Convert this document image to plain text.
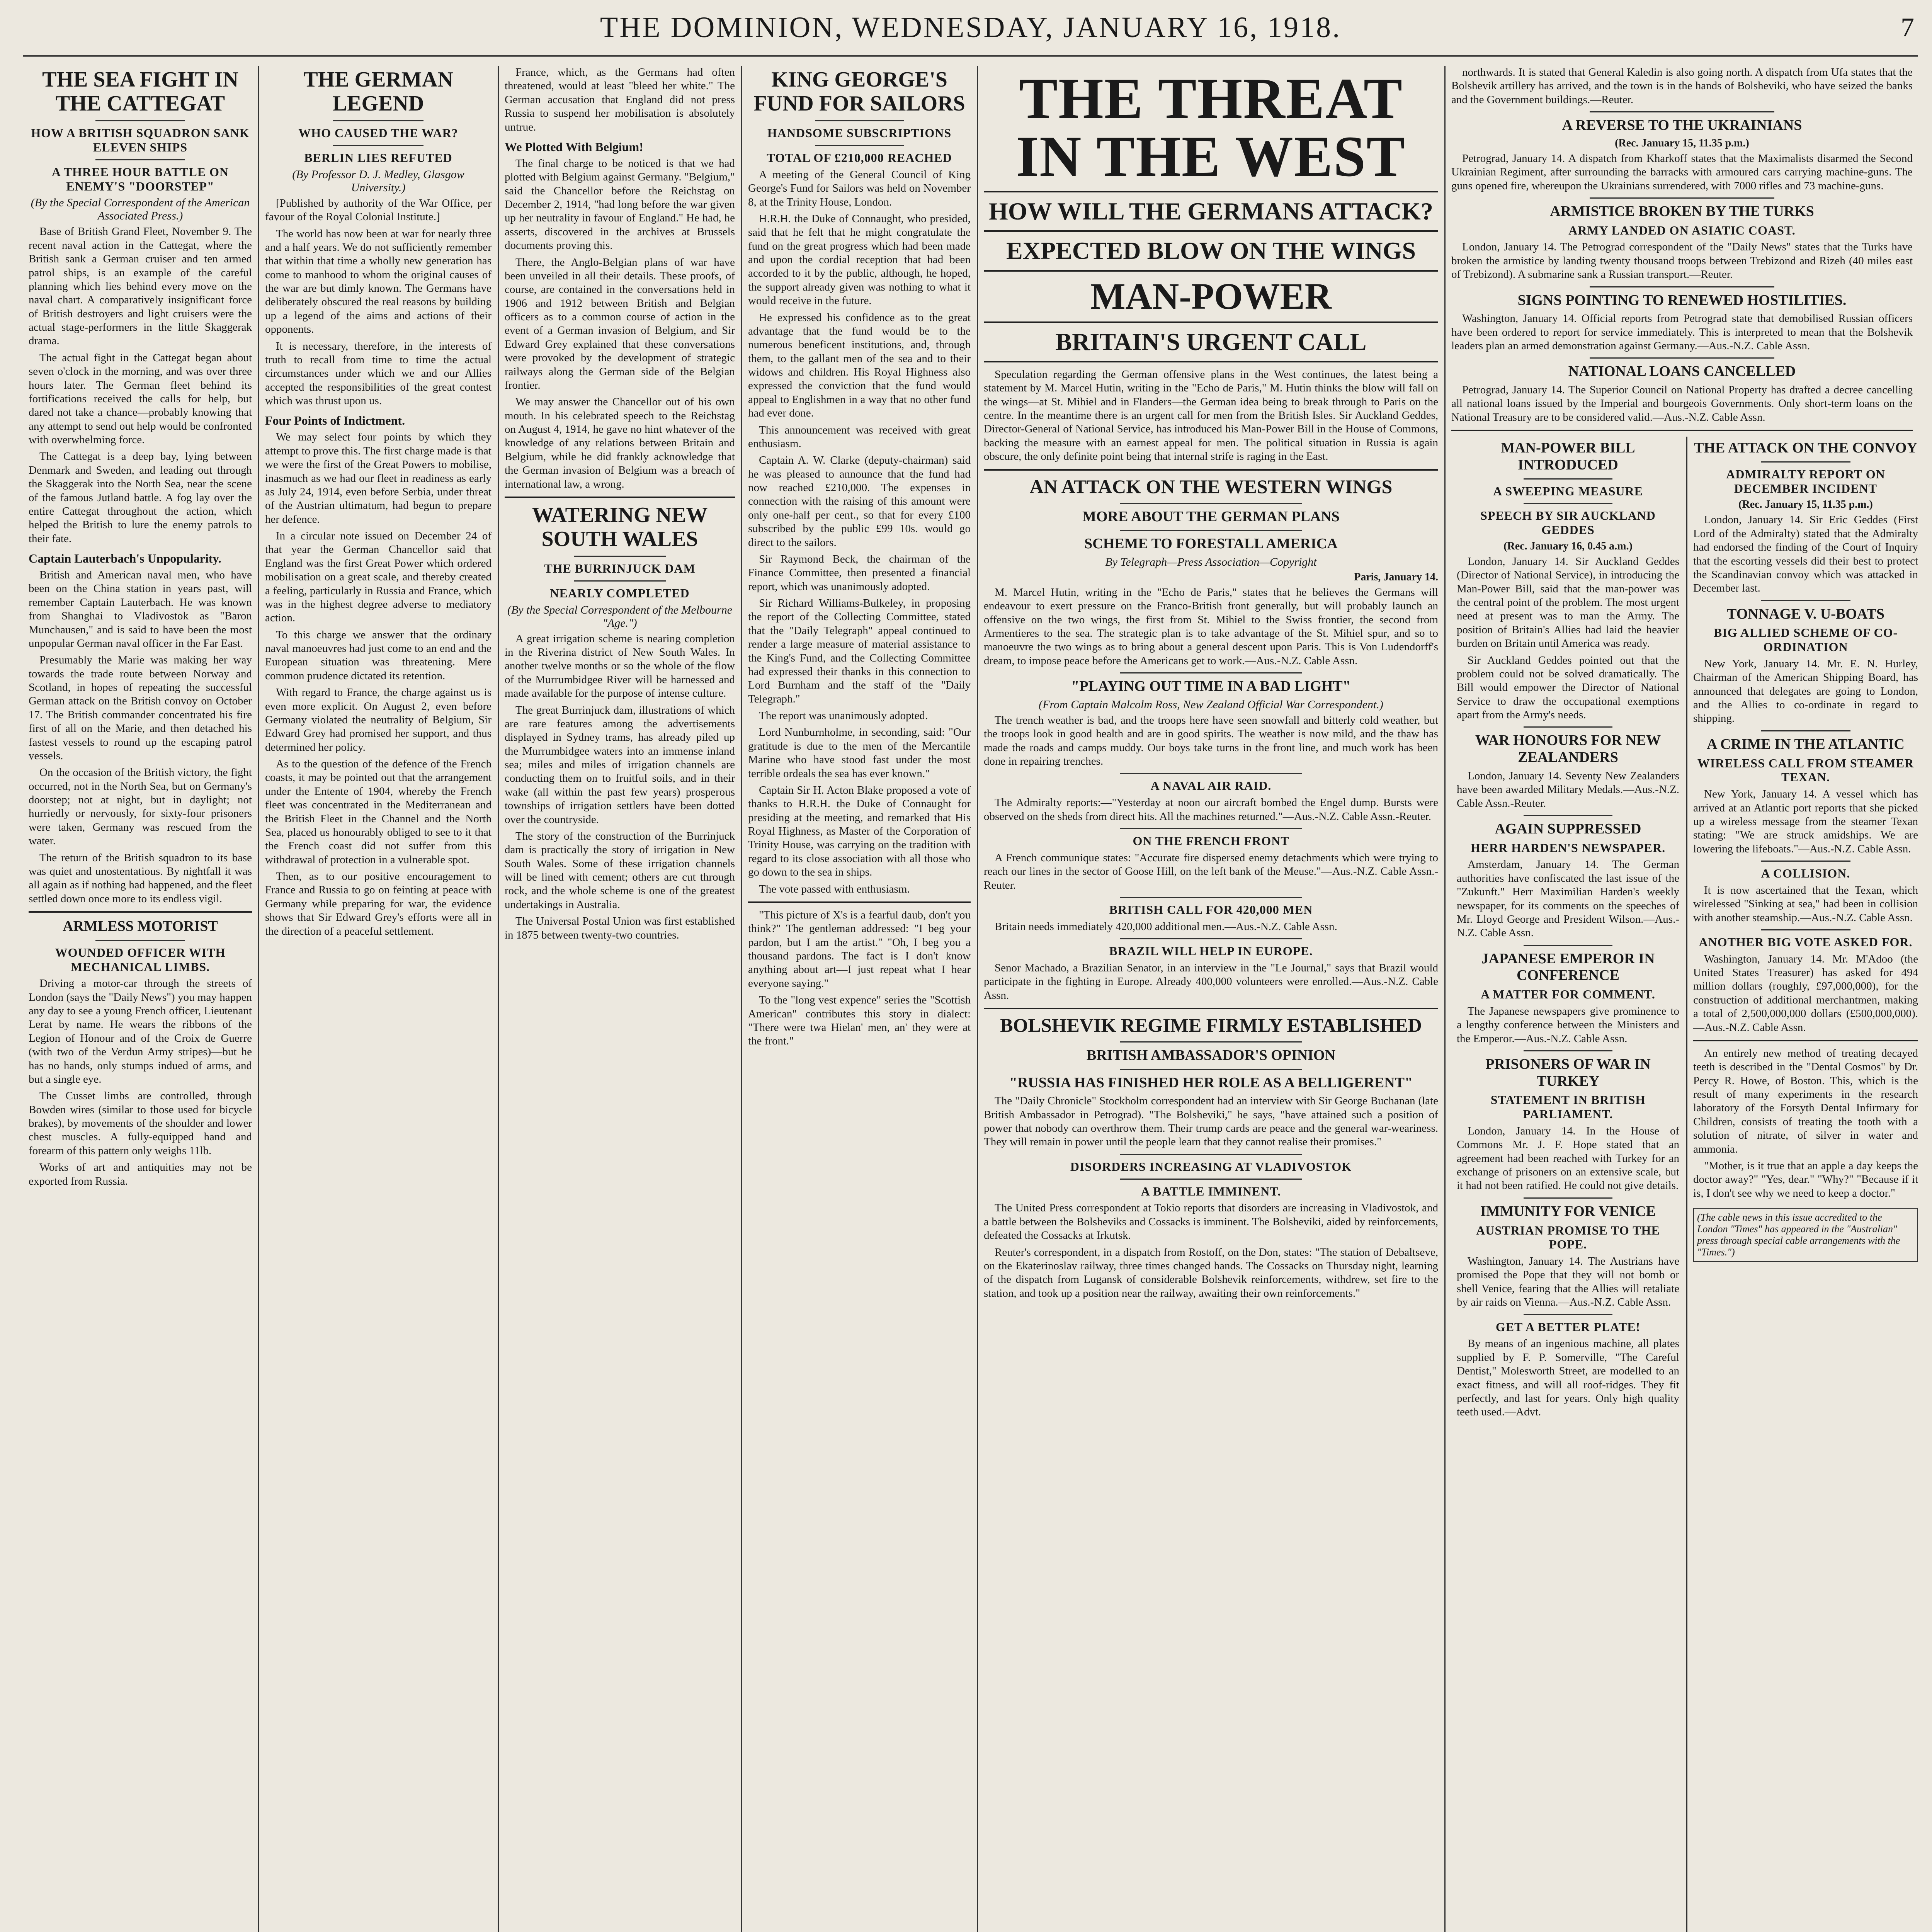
THE DOMINION, WEDNESDAY, JANUARY 16, 1918.	7
THE SEA FIGHT IN THE CATTEGAT
HOW A BRITISH SQUADRON SANK ELEVEN SHIPS
A THREE HOUR BATTLE ON ENEMY'S "DOORSTEP"
(By the Special Correspondent of the American Associated Press.)

Base of British Grand Fleet, November 9. The recent naval action in the Cattegat, where the British sank a German cruiser and ten armed patrol ships, is an example of the careful planning which lies behind every move on the naval chart. A comparatively insignificant force of British destroyers and light cruisers were the actual stage-performers in the little Skaggerak drama.

The actual fight in the Cattegat began about seven o'clock in the morning, and was over three hours later. The German fleet behind its fortifications received the calls for help, but dared not take a chance—probably knowing that any attempt to send out help would be confronted with overwhelming force.

The Cattegat is a deep bay, lying between Denmark and Sweden, and leading out through the Skaggerak into the North Sea, near the scene of the famous Jutland battle. A fog lay over the entire Cattegat throughout the action, which helped the British to lure the enemy patrols to their fate.

Captain Lauterbach's Unpopularity.

British and American naval men, who have been on the China station in years past, will remember Captain Lauterbach. He was known from Shanghai to Vladivostok as "Baron Munchausen," and is said to have been the most unpopular German naval officer in the Far East.

Presumably the Marie was making her way towards the trade route between Norway and Scotland, in hopes of repeating the successful German attack on the British convoy on October 17. The British commander concentrated his fire first of all on the Marie, and then detached his fastest vessels to round up the escaping patrol vessels.

On the occasion of the British victory, the fight occurred, not in the North Sea, but on Germany's doorstep; not at night, but in daylight; not hurriedly or nervously, for sixty-four prisoners were taken, Germany was rescued from the water.

The return of the British squadron to its base was quiet and unostentatious. By nightfall it was all again as if nothing had happened, and the fleet settled down once more to its endless vigil.

ARMLESS MOTORIST
WOUNDED OFFICER WITH MECHANICAL LIMBS.

Driving a motor-car through the streets of London (says the "Daily News") you may happen any day to see a young French officer, Lieutenant Lerat by name. He wears the ribbons of the Legion of Honour and of the Croix de Guerre (with two of the Verdun Army stripes)—but he has no hands, only stumps indued of arms, and but a single eye.

The Cusset limbs are controlled, through Bowden wires (similar to those used for bicycle brakes), by movements of the shoulder and lower chest muscles. A fully-equipped hand and forearm of this pattern only weighs 11lb.

Works of art and antiquities may not be exported from Russia.

THE GERMAN LEGEND
WHO CAUSED THE WAR?
BERLIN LIES REFUTED
(By Professor D. J. Medley, Glasgow University.)

[Published by authority of the War Office, per favour of the Royal Colonial Institute.]

The world has now been at war for nearly three and a half years. We do not sufficiently remember that within that time a wholly new generation has come to manhood to whom the original causes of the war are but dimly known. The Germans have deliberately obscured the real reasons by building up a legend of the aims and actions of their opponents.

It is necessary, therefore, in the interests of truth to recall from time to time the actual circumstances under which we and our Allies accepted the responsibilities of the great contest which was thrust upon us.

Four Points of Indictment.

We may select four points by which they attempt to prove this. The first charge made is that we were the first of the Great Powers to mobilise, inasmuch as we had our fleet in readiness as early as July 24, 1914, even before Serbia, under threat of the Austrian ultimatum, had begun to prepare her defence.

In a circular note issued on December 24 of that year the German Chancellor said that England was the first Great Power which ordered mobilisation on a great scale, and thereby created a feeling, particularly in Russia and France, which was in the highest degree adverse to mediatory action.

To this charge we answer that the ordinary naval manoeuvres had just come to an end and the European situation was threatening. Mere common prudence dictated its retention.

With regard to France, the charge against us is even more explicit. On August 2, even before Germany violated the neutrality of Belgium, Sir Edward Grey had promised her support, and thus determined her policy.

As to the question of the defence of the French coasts, it may be pointed out that the arrangement under the Entente of 1904, whereby the French fleet was concentrated in the Mediterranean and the British Fleet in the Channel and the North Sea, placed us honourably obliged to see to it that the French coast did not suffer from this withdrawal of protection in a vulnerable spot.

Then, as to our positive encouragement to France and Russia to go on feinting at peace with Germany while preparing for war, the evidence shows that Sir Edward Grey's efforts were all in the direction of a peaceful settlement.

France, which, as the Germans had often threatened, would at least "bleed her white." The German accusation that England did not press Russia to suspend her mobilisation is absolutely untrue.

We Plotted With Belgium!

The final charge to be noticed is that we had plotted with Belgium against Germany. "Belgium," said the Chancellor before the Reichstag on December 2, 1914, "had long before the war given up her neutrality in favour of England." He had, he asserts, discovered in the archives at Brussels documents proving this.

There, the Anglo-Belgian plans of war have been unveiled in all their details. These proofs, of course, are contained in the conversations held in 1906 and 1912 between British and Belgian officers as to a common course of action in the event of a German invasion of Belgium, and Sir Edward Grey explained that these conversations were provoked by the development of strategic railways along the German side of the Belgian frontier.

We may answer the Chancellor out of his own mouth. In his celebrated speech to the Reichstag on August 4, 1914, he gave no hint whatever of the knowledge of any relations between Britain and Belgium, while he did frankly acknowledge that the German invasion of Belgium was a breach of international law, a wrong.

WATERING NEW SOUTH WALES
THE BURRINJUCK DAM
NEARLY COMPLETED
(By the Special Correspondent of the Melbourne "Age.")

A great irrigation scheme is nearing completion in the Riverina district of New South Wales. In another twelve months or so the whole of the flow of the Murrumbidgee River will be harnessed and made available for the purpose of intense culture.

The great Burrinjuck dam, illustrations of which are rare features among the advertisements displayed in Sydney trams, has already piled up the Murrumbidgee waters into an immense inland sea; miles and miles of irrigation channels are conducting them on to fruitful soils, and in their wake (all within the past few years) prosperous townships of irrigation settlers have been dotted over the countryside.

The story of the construction of the Burrinjuck dam is practically the story of irrigation in New South Wales. Some of these irrigation channels will be lined with cement; others are cut through rock, and the whole scheme is one of the greatest undertakings in Australia.

The Universal Postal Union was first established in 1875 between twenty-two countries.

KING GEORGE'S FUND FOR SAILORS
HANDSOME SUBSCRIPTIONS
TOTAL OF £210,000 REACHED

A meeting of the General Council of King George's Fund for Sailors was held on November 8, at the Trinity House, London.

H.R.H. the Duke of Connaught, who presided, said that he felt that he might congratulate the fund on the great progress which had been made and upon the cordial reception that had been accorded to it by the public, although, he hoped, the support already given was nothing to what it would receive in the future.

He expressed his confidence as to the great advantage that the fund would be to the numerous beneficent institutions, and, through them, to the gallant men of the sea and to their widows and children. His Royal Highness also expressed the conviction that the fund would appeal to Englishmen in a way that no other fund had ever done.

This announcement was received with great enthusiasm.

Captain A. W. Clarke (deputy-chairman) said he was pleased to announce that the fund had now reached £210,000. The expenses in connection with the raising of this amount were only one-half per cent., so that for every £100 subscribed by the public £99 10s. would go direct to the sailors.

Sir Raymond Beck, the chairman of the Finance Committee, then presented a financial report, which was unanimously adopted.

Sir Richard Williams-Bulkeley, in proposing the report of the Collecting Committee, stated that the "Daily Telegraph" appeal continued to render a large measure of material assistance to the King's Fund, and the Collecting Committee had expressed their thanks in this connection to Lord Burnham and the staff of the "Daily Telegraph."

The report was unanimously adopted.

Lord Nunburnholme, in seconding, said: "Our gratitude is due to the men of the Mercantile Marine who have stood fast under the most terrible ordeals the sea has ever known."

Captain Sir H. Acton Blake proposed a vote of thanks to H.R.H. the Duke of Connaught for presiding at the meeting, and remarked that His Royal Highness, as Master of the Corporation of Trinity House, was carrying on the tradition with regard to its close association with all those who go down to the sea in ships.

The vote passed with enthusiasm.

"This picture of X's is a fearful daub, don't you think?" The gentleman addressed: "I beg your pardon, but I am the artist." "Oh, I beg you a thousand pardons. The fact is I don't know anything about art—I just repeat what I hear everyone saying."

To the "long vest expence" series the "Scottish American" contributes this story in dialect: "There were twa Hielan' men, an' they were at the front."

THE THREAT IN THE WEST
HOW WILL THE GERMANS ATTACK?
EXPECTED BLOW ON THE WINGS
MAN-POWER
BRITAIN'S URGENT CALL

Speculation regarding the German offensive plans in the West continues, the latest being a statement by M. Marcel Hutin, writing in the "Echo de Paris," M. Hutin thinks the blow will fall on the wings—at St. Mihiel and in Flanders—the German idea being to break through to Paris on the centre. In the meantime there is an urgent call for men from the British Isles. Sir Auckland Geddes, Director-General of National Service, has introduced his Man-Power Bill in the House of Commons, backing the measure with an earnest appeal for men. The political situation in Russia is again obscure, the only definite point being that internal strife is raging in the East.

AN ATTACK ON THE WESTERN WINGS
MORE ABOUT THE GERMAN PLANS
SCHEME TO FORESTALL AMERICA
By Telegraph—Press Association—Copyright
Paris, January 14.

M. Marcel Hutin, writing in the "Echo de Paris," states that he believes the Germans will endeavour to exert pressure on the Franco-British front generally, but will probably launch an offensive on the two wings, the first from St. Mihiel to the Swiss frontier, the second from Armentieres to the sea. The strategic plan is to take advantage of the St. Mihiel spur, and so to manoeuvre the two wings as to bring about a general descent upon Paris. This is Von Ludendorff's dream, to impose peace before the Americans get to work.—Aus.-N.Z. Cable Assn.

"PLAYING OUT TIME IN A BAD LIGHT"
(From Captain Malcolm Ross, New Zealand Official War Correspondent.)

The trench weather is bad, and the troops here have seen snowfall and bitterly cold weather, but the troops look in good health and are in good spirits. The weather is now mild, and the thaw has made the roads and camps muddy. Our boys take turns in the front line, and much work has been done in repairing trenches.

A NAVAL AIR RAID.

The Admiralty reports:—"Yesterday at noon our aircraft bombed the Engel dump. Bursts were observed on the sheds from direct hits. All the machines returned."—Aus.-N.Z. Cable Assn.-Reuter.

ON THE FRENCH FRONT

A French communique states: "Accurate fire dispersed enemy detachments which were trying to reach our lines in the sector of Goose Hill, on the left bank of the Meuse."—Aus.-N.Z. Cable Assn.-Reuter.

BRITISH CALL FOR 420,000 MEN

Britain needs immediately 420,000 additional men.—Aus.-N.Z. Cable Assn.

BRAZIL WILL HELP IN EUROPE.

Senor Machado, a Brazilian Senator, in an interview in the "Le Journal," says that Brazil would participate in the fighting in Europe. Already 400,000 volunteers were enrolled.—Aus.-N.Z. Cable Assn.

BOLSHEVIK REGIME FIRMLY ESTABLISHED
BRITISH AMBASSADOR'S OPINION
"RUSSIA HAS FINISHED HER ROLE AS A BELLIGERENT"

The "Daily Chronicle" Stockholm correspondent had an interview with Sir George Buchanan (late British Ambassador in Petrograd). "The Bolsheviki," he says, "have attained such a position of power that nobody can overthrow them. Their trump cards are peace and the general war-weariness. They will remain in power until the people learn that they cannot realise their promises."

DISORDERS INCREASING AT VLADIVOSTOK
A BATTLE IMMINENT.

The United Press correspondent at Tokio reports that disorders are increasing in Vladivostok, and a battle between the Bolsheviks and Cossacks is imminent. The Bolsheviki, aided by reinforcements, defeated the Cossacks at Irkutsk.

Reuter's correspondent, in a dispatch from Rostoff, on the Don, states: "The station of Debaltseve, on the Ekaterinoslav railway, three times changed hands. The Cossacks on Thursday night, learning of the dispatch from Lugansk of considerable Bolshevik reinforcements, withdrew, set fire to the station, and took up a position near the railway, awaiting their own reinforcements."

northwards. It is stated that General Kaledin is also going north. A dispatch from Ufa states that the Bolshevik artillery has arrived, and the town is in the hands of Bolsheviki, who have seized the banks and the Government buildings.—Reuter.

A REVERSE TO THE UKRAINIANS
(Rec. January 15, 11.35 p.m.)

Petrograd, January 14. A dispatch from Kharkoff states that the Maximalists disarmed the Second Ukrainian Regiment, after surrounding the barracks with armoured cars carrying machine-guns. The guns opened fire, whereupon the Ukrainians surrendered, with 7000 rifles and 73 machine-guns.

ARMISTICE BROKEN BY THE TURKS
ARMY LANDED ON ASIATIC COAST.

London, January 14. The Petrograd correspondent of the "Daily News" states that the Turks have broken the armistice by landing twenty thousand troops between Trebizond and Rizeh (40 miles east of Trebizond). A submarine sank a Russian transport.—Reuter.

SIGNS POINTING TO RENEWED HOSTILITIES.

Washington, January 14. Official reports from Petrograd state that demobilised Russian officers have been ordered to report for service immediately. This is interpreted to mean that the Bolshevik leaders plan an armed demonstration against Germany.—Aus.-N.Z. Cable Assn.

NATIONAL LOANS CANCELLED

Petrograd, January 14. The Superior Council on National Property has drafted a decree cancelling all national loans issued by the Imperial and bourgeois Governments. Only short-term loans on the National Treasury are to be considered valid.—Aus.-N.Z. Cable Assn.

MAN-POWER BILL INTRODUCED
A SWEEPING MEASURE
SPEECH BY SIR AUCKLAND GEDDES
(Rec. January 16, 0.45 a.m.)

London, January 14. Sir Auckland Geddes (Director of National Service), in introducing the Man-Power Bill, said that the man-power was the central point of the problem. The most urgent need at present was to man the Army. The position of Britain's Allies had laid the heavier burden on Britain until America was ready.

Sir Auckland Geddes pointed out that the problem could not be solved dramatically. The Bill would empower the Director of National Service to draw the occupational exemptions apart from the Army's needs.

WAR HONOURS FOR NEW ZEALANDERS

London, January 14. Seventy New Zealanders have been awarded Military Medals.—Aus.-N.Z. Cable Assn.-Reuter.

AGAIN SUPPRESSED
HERR HARDEN'S NEWSPAPER.

Amsterdam, January 14. The German authorities have confiscated the last issue of the "Zukunft." Herr Maximilian Harden's weekly newspaper, for its comments on the speeches of Mr. Lloyd George and President Wilson.—Aus.-N.Z. Cable Assn.

JAPANESE EMPEROR IN CONFERENCE
A MATTER FOR COMMENT.

The Japanese newspapers give prominence to a lengthy conference between the Ministers and the Emperor.—Aus.-N.Z. Cable Assn.

PRISONERS OF WAR IN TURKEY
STATEMENT IN BRITISH PARLIAMENT.

London, January 14. In the House of Commons Mr. J. F. Hope stated that an agreement had been reached with Turkey for an exchange of prisoners on an extensive scale, but it had not been ratified. He could not give details.

IMMUNITY FOR VENICE
AUSTRIAN PROMISE TO THE POPE.

Washington, January 14. The Austrians have promised the Pope that they will not bomb or shell Venice, fearing that the Allies will retaliate by air raids on Vienna.—Aus.-N.Z. Cable Assn.

GET A BETTER PLATE!

By means of an ingenious machine, all plates supplied by F. P. Somerville, "The Careful Dentist," Molesworth Street, are modelled to an exact fitness, and will all roof-ridges. They fit perfectly, and last for years. Only high quality teeth used.—Advt.

THE ATTACK ON THE CONVOY
ADMIRALTY REPORT ON DECEMBER INCIDENT
(Rec. January 15, 11.35 p.m.)

London, January 14. Sir Eric Geddes (First Lord of the Admiralty) stated that the Admiralty had endorsed the finding of the Court of Inquiry that the escorting vessels did their best to protect the Scandinavian convoy which was attacked in December last.

TONNAGE V. U-BOATS
BIG ALLIED SCHEME OF CO-ORDINATION

New York, January 14. Mr. E. N. Hurley, Chairman of the American Shipping Board, has announced that delegates are going to London, and the Allies to co-ordinate in regard to shipping.

A CRIME IN THE ATLANTIC
WIRELESS CALL FROM STEAMER TEXAN.

New York, January 14. A vessel which has arrived at an Atlantic port reports that she picked up a wireless message from the steamer Texan stating: "We are struck amidships. We are lowering the lifeboats."—Aus.-N.Z. Cable Assn.

A COLLISION.

It is now ascertained that the Texan, which wirelessed "Sinking at sea," had been in collision with another steamship.—Aus.-N.Z. Cable Assn.

ANOTHER BIG VOTE ASKED FOR.

Washington, January 14. Mr. M'Adoo (the United States Treasurer) has asked for 494 million dollars (roughly, £97,000,000), for the construction of additional merchantmen, making a total of 2,500,000,000 dollars (£500,000,000).—Aus.-N.Z. Cable Assn.

An entirely new method of treating decayed teeth is described in the "Dental Cosmos" by Dr. Percy R. Howe, of Boston. This, which is the result of many experiments in the research laboratory of the Forsyth Dental Infirmary for Children, consists of treating the tooth with a solution of nitrate, of silver in water and ammonia.

"Mother, is it true that an apple a day keeps the doctor away?" "Yes, dear." "Why?" "Because if it is, I don't see why we need to keep a doctor."

(The cable news in this issue accredited to the London "Times" has appeared in the "Australian" press through special cable arrangements with the "Times.")
